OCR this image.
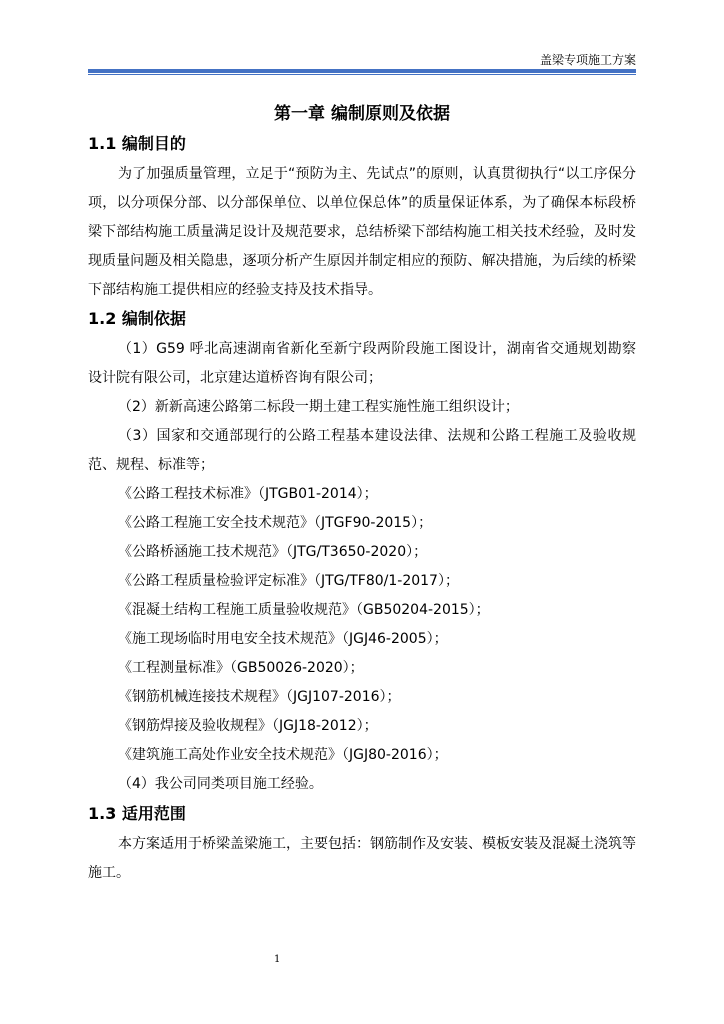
盖梁专项施工方案
第一章 编制原则及依据
1.1 编制目的
为了加强质量管理，立足于“预防为主、先试点”的原则，认真贯彻执行“以工序保分项，以分项保分部、以分部保单位、以单位保总体”的质量保证体系，为了确保本标段桥梁下部结构施工质量满足设计及规范要求，总结桥梁下部结构施工相关技术经验，及时发现质量问题及相关隐患，逐项分析产生原因并制定相应的预防、解决措施，为后续的桥梁下部结构施工提供相应的经验支持及技术指导。
1.2 编制依据
（1）G59 呼北高速湖南省新化至新宁段两阶段施工图设计，湖南省交通规划勘察设计院有限公司，北京建达道桥咨询有限公司；
（2）新新高速公路第二标段一期土建工程实施性施工组织设计；
（3）国家和交通部现行的公路工程基本建设法律、法规和公路工程施工及验收规范、规程、标准等；
《公路工程技术标准》（JTGB01-2014）；
《公路工程施工安全技术规范》（JTGF90-2015）；
《公路桥涵施工技术规范》（JTG/T3650-2020）；
《公路工程质量检验评定标准》（JTG/TF80/1-2017）；
《混凝土结构工程施工质量验收规范》（GB50204-2015）；
《施工现场临时用电安全技术规范》（JGJ46-2005）；
《工程测量标准》（GB50026-2020）；
《钢筋机械连接技术规程》（JGJ107-2016）；
《钢筋焊接及验收规程》（JGJ18-2012）；
《建筑施工高处作业安全技术规范》（JGJ80-2016）；
（4）我公司同类项目施工经验。
1.3 适用范围
本方案适用于桥梁盖梁施工，主要包括：钢筋制作及安装、模板安装及混凝土浇筑等施工。
1
